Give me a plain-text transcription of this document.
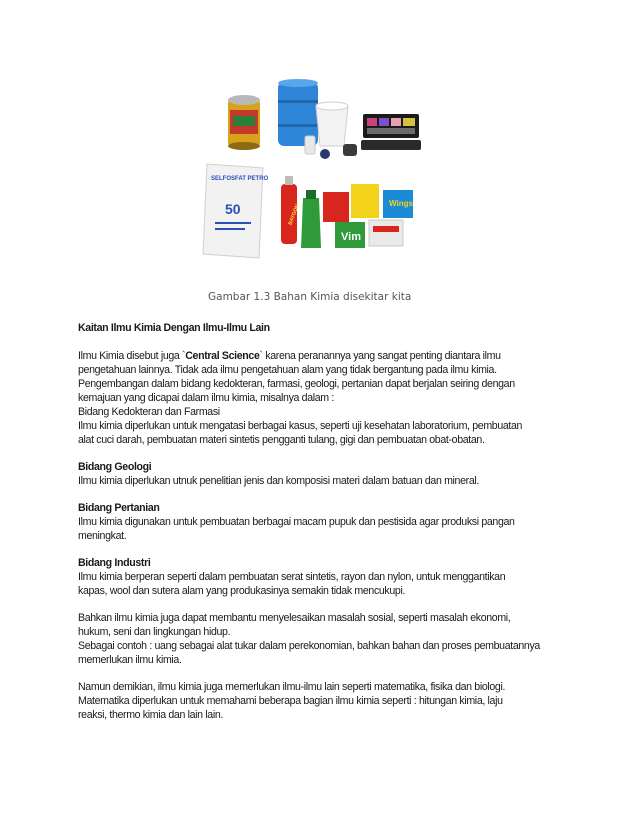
SELFOSFAT PETRO
50	BAYGON
Wings
Vim
Gambar 1.3 Bahan Kimia disekitar kita

Kaitan Ilmu Kimia Dengan Ilmu-Ilmu Lain

Ilmu Kimia disebut juga `Central Science` karena peranannya yang sangat penting diantara ilmu

pengetahuan lainnya. Tidak ada ilmu pengetahuan alam yang tidak bergantung pada ilmu kimia.

Pengembangan dalam bidang kedokteran, farmasi, geologi, pertanian dapat berjalan seiring dengan

kemajuan yang dicapai dalam ilmu kimia, misalnya dalam :

Bidang Kedokteran dan Farmasi

Ilmu kimia diperlukan untuk mengatasi berbagai kasus, seperti uji kesehatan laboratorium, pembuatan

alat cuci darah, pembuatan materi sintetis pengganti tulang, gigi dan pembuatan obat-obatan.

Bidang Geologi

Ilmu kimia diperlukan utnuk penelitian jenis dan komposisi materi dalam batuan dan mineral.

Bidang Pertanian

Ilmu kimia digunakan untuk pembuatan berbagai macam pupuk dan pestisida agar produksi pangan

meningkat.

Bidang Industri

Ilmu kimia berperan seperti dalam pembuatan serat sintetis, rayon dan nylon, untuk menggantikan

kapas, wool dan sutera alam yang produkasinya semakin tidak mencukupi.

Bahkan ilmu kimia juga dapat membantu menyelesaikan masalah sosial, seperti masalah ekonomi,

hukum, seni dan lingkungan hidup.

Sebagai contoh : uang sebagai alat tukar dalam perekonomian, bahkan bahan dan proses pembuatannya

memerlukan ilmu kimia.

Namun demikian, ilmu kimia juga memerlukan ilmu-ilmu lain seperti matematika, fisika dan biologi.

Matematika diperlukan untuk memahami beberapa bagian ilmu kimia seperti : hitungan kimia, laju

reaksi, thermo kimia dan lain lain.
